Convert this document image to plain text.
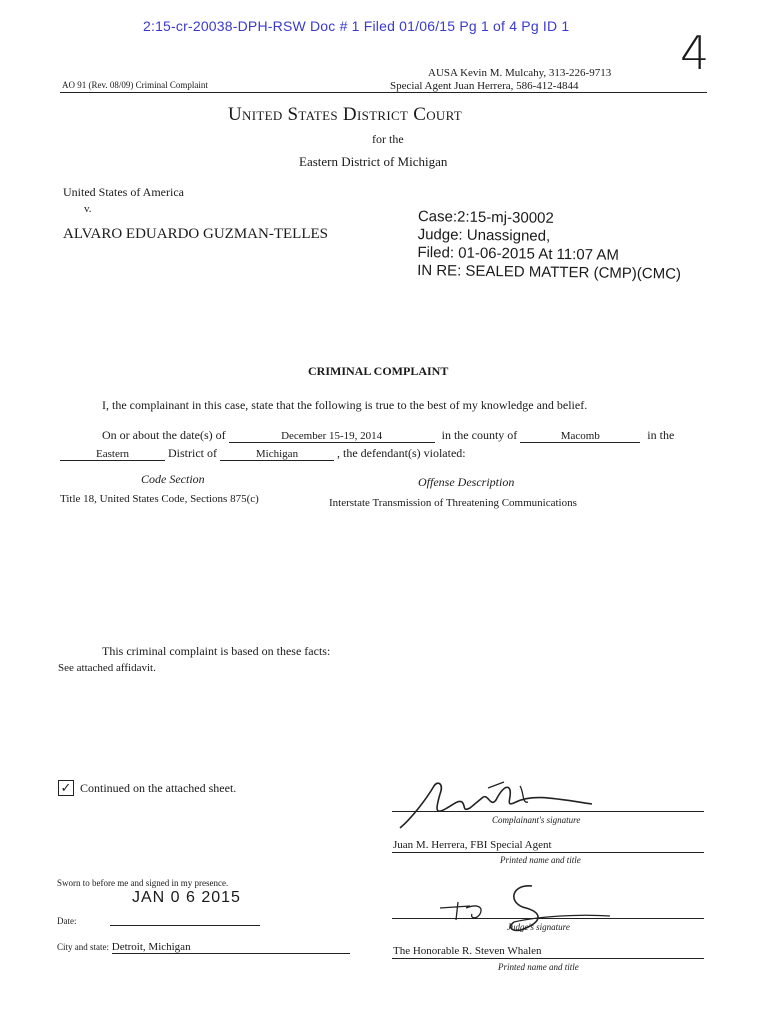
2:15-cr-20038-DPH-RSW Doc # 1 Filed 01/06/15 Pg 1 of 4 Pg ID 1 4
AO 91 (Rev. 08/09) Criminal Complaint
AUSA Kevin M. Mulcahy, 313-226-9713
Special Agent Juan Herrera, 586-412-4844
United States District Court
for the
Eastern District of Michigan
United States of America
v.
ALVARO EDUARDO GUZMAN-TELLES
Case:2:15-mj-30002
Judge: Unassigned,
Filed: 01-06-2015 At 11:07 AM
IN RE: SEALED MATTER (CMP)(CMC)
CRIMINAL COMPLAINT
I, the complainant in this case, state that the following is true to the best of my knowledge and belief.
On or about the date(s) of	December 15-19, 2014	in the county of	Macomb	in the
Eastern	District of	Michigan	, the defendant(s) violated:
Code Section	Offense Description
Title 18, United States Code, Sections 875(c)	Interstate Transmission of Threatening Communications
This criminal complaint is based on these facts:
See attached affidavit.
✓ Continued on the attached sheet.
Complainant's signature
Juan M. Herrera, FBI Special Agent
Printed name and title
Sworn to before me and signed in my presence.
JAN 0 6 2015
Date:
Judge's signature
City and state: Detroit, Michigan	The Honorable R. Steven Whalen
Printed name and title
